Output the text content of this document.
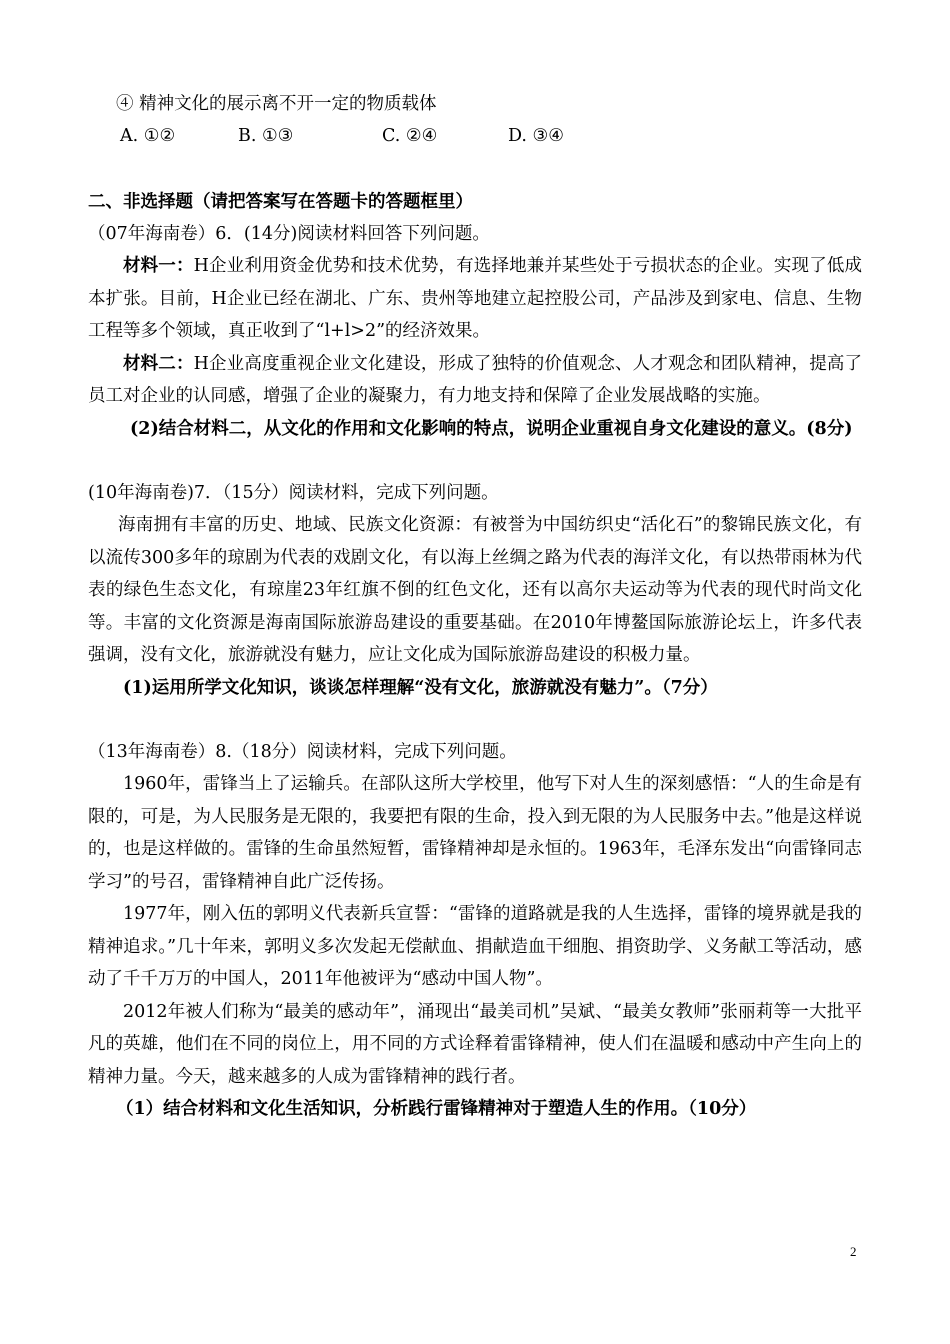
④ 精神文化的展示离不开一定的物质载体

A. ①②	B. ①③	C. ②④	D. ③④

二、非选择题（请把答案写在答题卡的答题框里）

（07年海南卷）6．(14分)阅读材料回答下列问题。

材料一：H企业利用资金优势和技术优势，有选择地兼并某些处于亏损状态的企业。实现了低成本扩张。目前，H企业已经在湖北、广东、贵州等地建立起控股公司，产品涉及到家电、信息、生物工程等多个领域，真正收到了“l+l>2”的经济效果。

材料二：H企业高度重视企业文化建设，形成了独特的价值观念、人才观念和团队精神，提高了员工对企业的认同感，增强了企业的凝聚力，有力地支持和保障了企业发展战略的实施。

(2)结合材料二，从文化的作用和文化影响的特点，说明企业重视自身文化建设的意义。(8分)

(10年海南卷)7．（15分）阅读材料，完成下列问题。

海南拥有丰富的历史、地域、民族文化资源：有被誉为中国纺织史“活化石”的黎锦民族文化，有以流传300多年的琼剧为代表的戏剧文化，有以海上丝绸之路为代表的海洋文化，有以热带雨林为代表的绿色生态文化，有琼崖23年红旗不倒的红色文化，还有以高尔夫运动等为代表的现代时尚文化等。丰富的文化资源是海南国际旅游岛建设的重要基础。在2010年博鳌国际旅游论坛上，许多代表强调，没有文化，旅游就没有魅力，应让文化成为国际旅游岛建设的积极力量。

(1)运用所学文化知识，谈谈怎样理解“没有文化，旅游就没有魅力”。（7分）

（13年海南卷）8.（18分）阅读材料，完成下列问题。

1960年，雷锋当上了运输兵。在部队这所大学校里，他写下对人生的深刻感悟：“人的生命是有限的，可是，为人民服务是无限的，我要把有限的生命，投入到无限的为人民服务中去。”他是这样说的，也是这样做的。雷锋的生命虽然短暂，雷锋精神却是永恒的。1963年，毛泽东发出“向雷锋同志学习”的号召，雷锋精神自此广泛传扬。

1977年，刚入伍的郭明义代表新兵宣誓：“雷锋的道路就是我的人生选择，雷锋的境界就是我的精神追求。”几十年来，郭明义多次发起无偿献血、捐献造血干细胞、捐资助学、义务献工等活动，感动了千千万万的中国人，2011年他被评为“感动中国人物”。

2012年被人们称为“最美的感动年”，涌现出“最美司机”吴斌、“最美女教师”张丽莉等一大批平凡的英雄，他们在不同的岗位上，用不同的方式诠释着雷锋精神，使人们在温暖和感动中产生向上的精神力量。今天，越来越多的人成为雷锋精神的践行者。

（1）结合材料和文化生活知识，分析践行雷锋精神对于塑造人生的作用。（10分）

2
